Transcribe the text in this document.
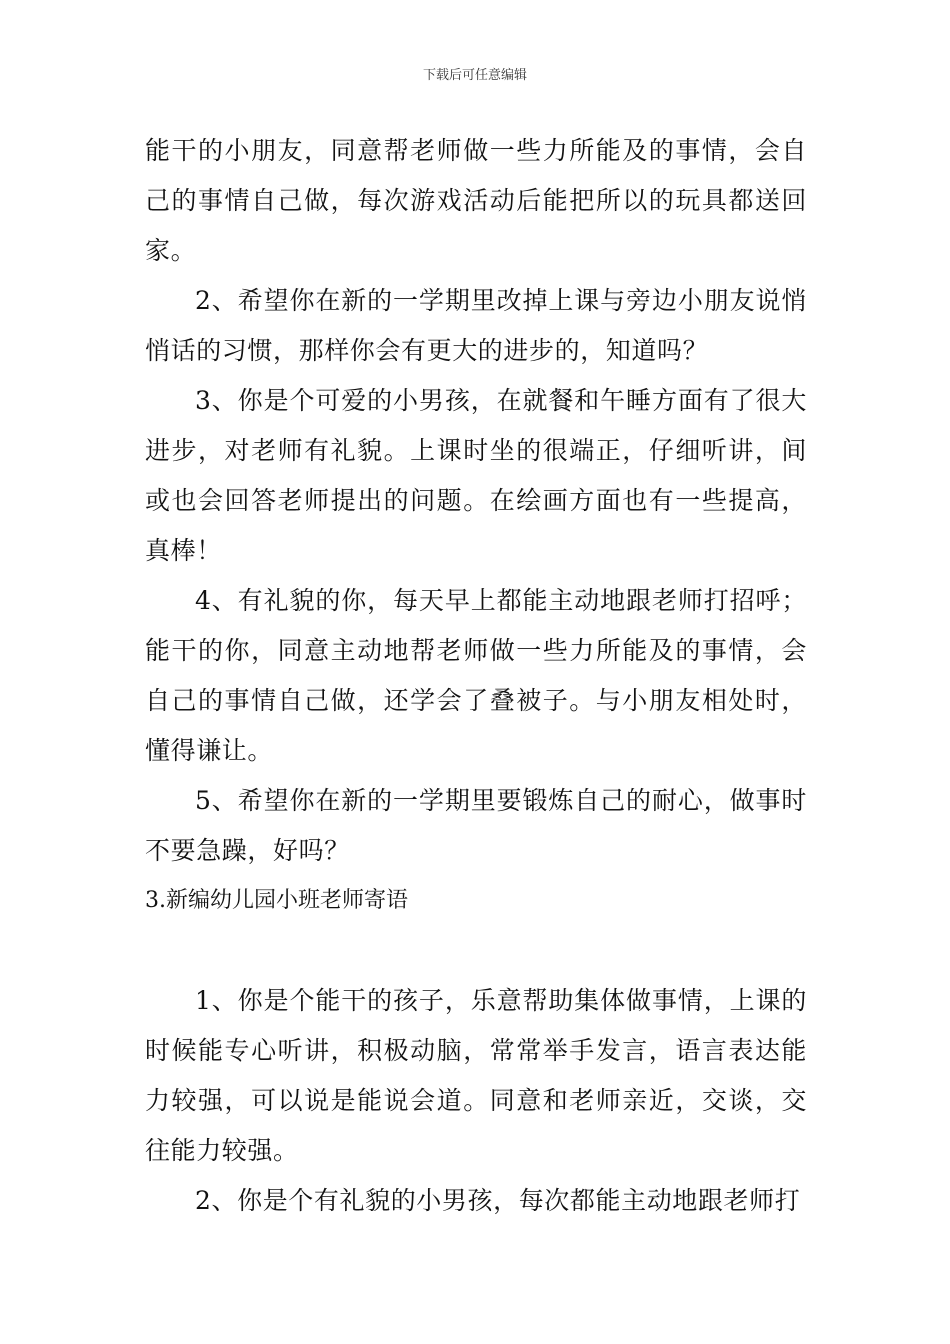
下载后可任意编辑

能干的小朋友，同意帮老师做一些力所能及的事情，会自己的事情自己做，每次游戏活动后能把所以的玩具都送回家。

2、希望你在新的一学期里改掉上课与旁边小朋友说悄悄话的习惯，那样你会有更大的进步的，知道吗？

3、你是个可爱的小男孩，在就餐和午睡方面有了很大进步，对老师有礼貌。上课时坐的很端正，仔细听讲，间或也会回答老师提出的问题。在绘画方面也有一些提高，真棒！

4、有礼貌的你，每天早上都能主动地跟老师打招呼；能干的你，同意主动地帮老师做一些力所能及的事情，会自己的事情自己做，还学会了叠被子。与小朋友相处时，懂得谦让。

5、希望你在新的一学期里要锻炼自己的耐心，做事时不要急躁，好吗？

3.新编幼儿园小班老师寄语

1、你是个能干的孩子，乐意帮助集体做事情，上课的时候能专心听讲，积极动脑，常常举手发言，语言表达能力较强，可以说是能说会道。同意和老师亲近，交谈，交往能力较强。

2、你是个有礼貌的小男孩，每次都能主动地跟老师打
